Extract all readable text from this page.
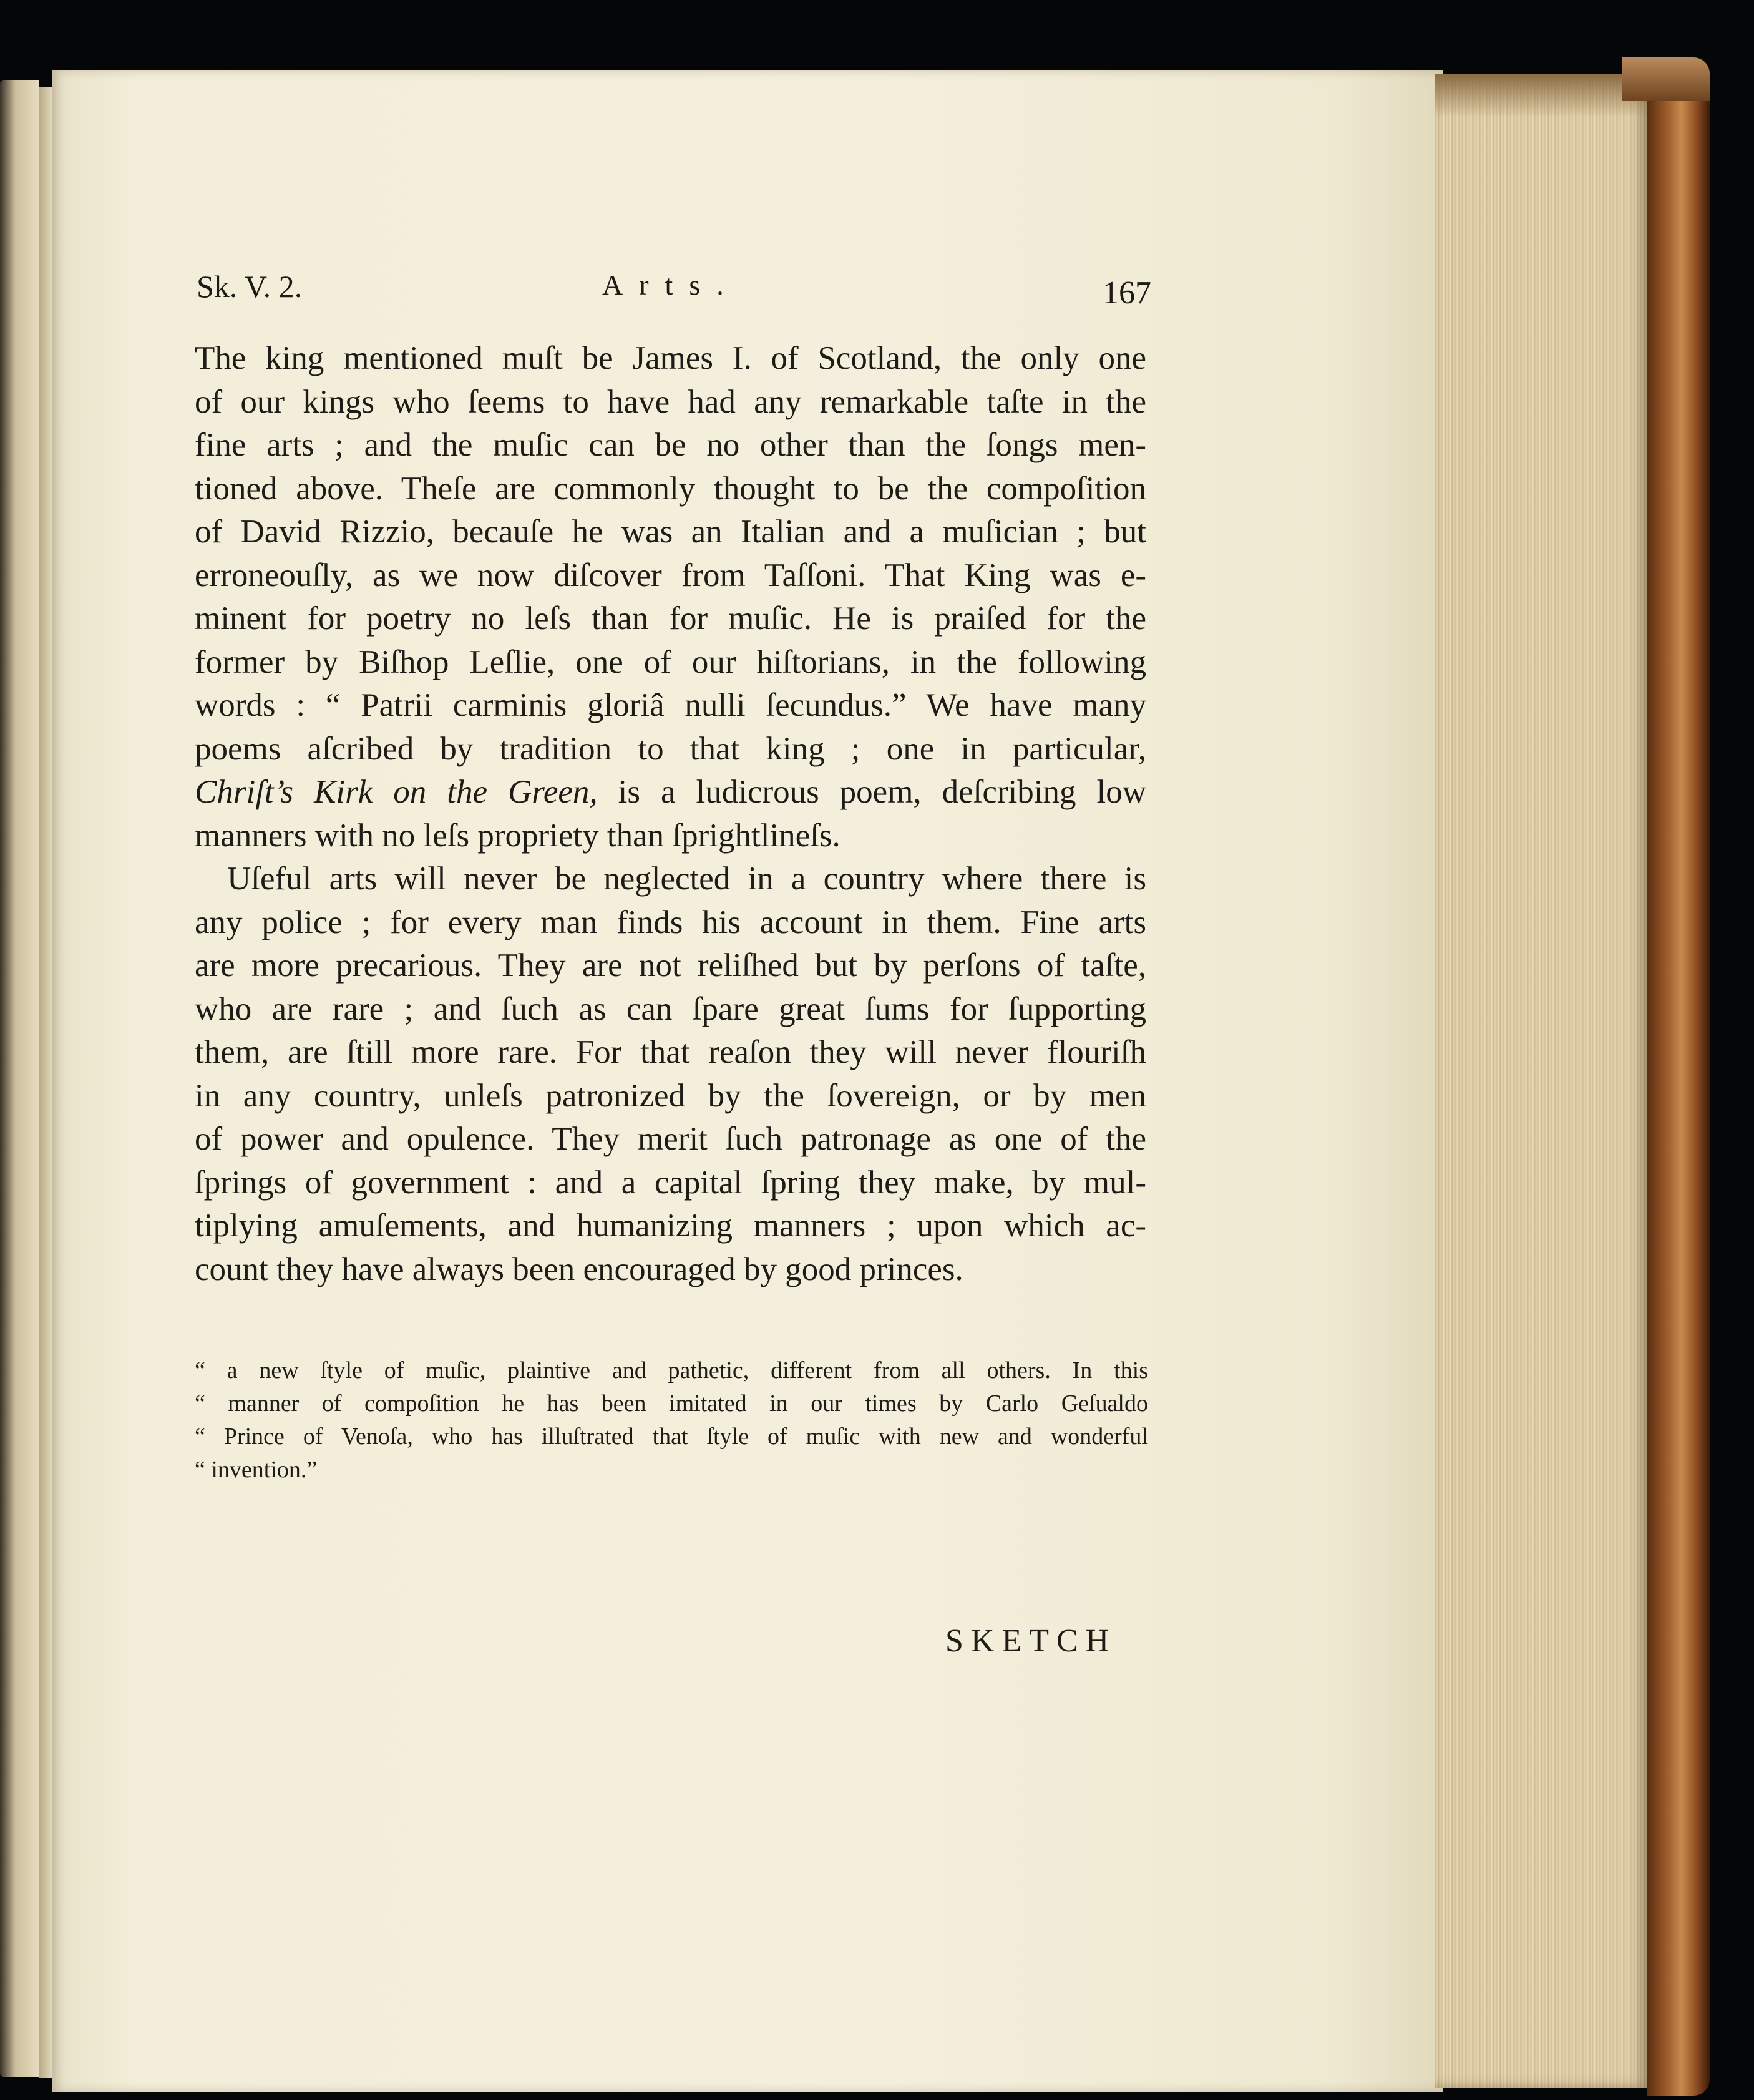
Sk. V. 2.	Arts.	167
The king mentioned muſt be James I. of Scotland, the only one
of our kings who ſeems to have had any remarkable taſte in the
fine arts ; and the muſic can be no other than the ſongs men-
tioned above. Theſe are commonly thought to be the compoſition
of David Rizzio, becauſe he was an Italian and a muſician ; but
erroneouſly, as we now diſcover from Taſſoni. That King was e-
minent for poetry no leſs than for muſic. He is praiſed for the
former by Biſhop Leſlie, one of our hiſtorians, in the following
words : “ Patrii carminis gloriâ nulli ſecundus.” We have many
poems aſcribed by tradition to that king ; one in particular,
Chriſt’s Kirk on the Green, is a ludicrous poem, deſcribing low
manners with no leſs propriety than ſprightlineſs.
Uſeful arts will never be neglected in a country where there is
any police ; for every man finds his account in them. Fine arts
are more precarious. They are not reliſhed but by perſons of taſte,
who are rare ; and ſuch as can ſpare great ſums for ſupporting
them, are ſtill more rare. For that reaſon they will never flouriſh
in any country, unleſs patronized by the ſovereign, or by men
of power and opulence. They merit ſuch patronage as one of the
ſprings of government : and a capital ſpring they make, by mul-
tiplying amuſements, and humanizing manners ; upon which ac-
count they have always been encouraged by good princes.
“ a new ſtyle of muſic, plaintive and pathetic, different from all others. In this
“ manner of compoſition he has been imitated in our times by Carlo Geſualdo
“ Prince of Venoſa, who has illuſtrated that ſtyle of muſic with new and wonderful
“ invention.”
SKETCH
